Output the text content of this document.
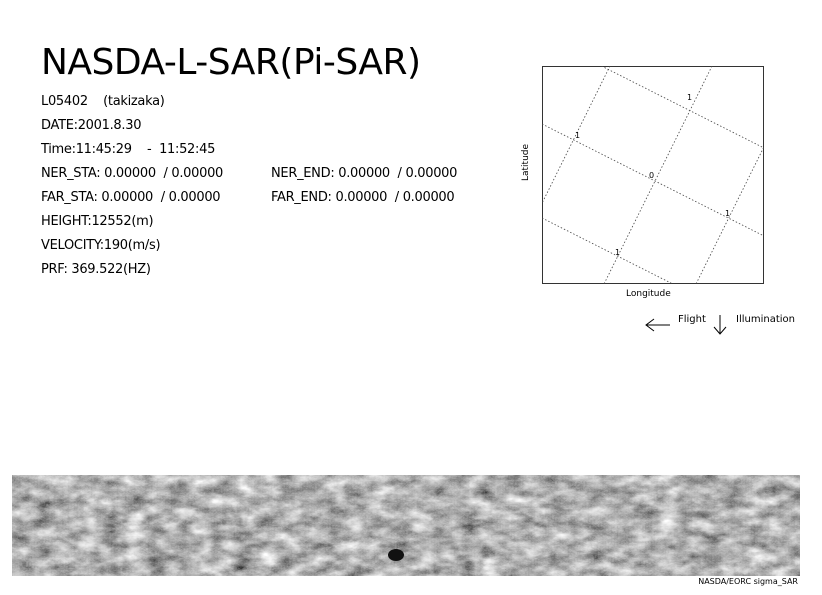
NASDA-L-SAR(Pi-SAR)
L05402    (takizaka)
DATE:2001.8.30
Time:11:45:29    -  11:52:45
NER_STA: 0.00000  / 0.00000	NER_END: 0.00000  / 0.00000
FAR_STA: 0.00000  / 0.00000	FAR_END: 0.00000  / 0.00000
HEIGHT:12552(m)
VELOCITY:190(m/s)
PRF: 369.522(HZ)
0
1
1
1
1
Latitude
Longitude
Flight	Illumination
NASDA/EORC sigma_SAR
